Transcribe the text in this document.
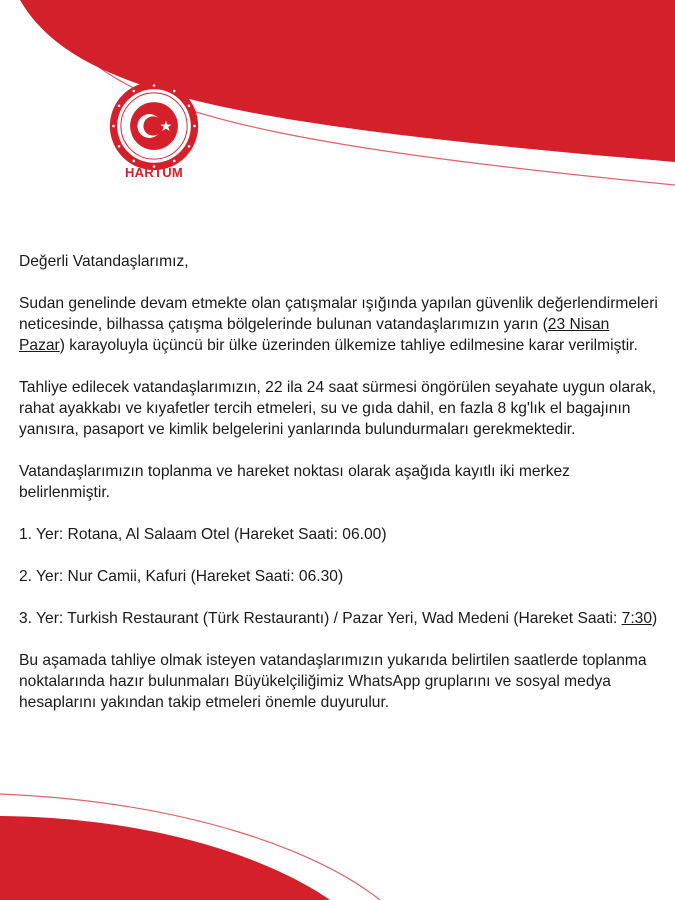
HARTUM

Değerli Vatandaşlarımız,

Sudan genelinde devam etmekte olan çatışmalar ışığında yapılan güvenlik değerlendirmeleri neticesinde, bilhassa çatışma bölgelerinde bulunan vatandaşlarımızın yarın (23 Nisan Pazar) karayoluyla üçüncü bir ülke üzerinden ülkemize tahliye edilmesine karar verilmiştir.

Tahliye edilecek vatandaşlarımızın, 22 ila 24 saat sürmesi öngörülen seyahate uygun olarak, rahat ayakkabı ve kıyafetler tercih etmeleri, su ve gıda dahil, en fazla 8 kg'lık el bagajının yanısıra, pasaport ve kimlik belgelerini yanlarında bulundurmaları gerekmektedir.

Vatandaşlarımızın toplanma ve hareket noktası olarak aşağıda kayıtlı iki merkez belirlenmiştir.

1. Yer: Rotana, Al Salaam Otel (Hareket Saati: 06.00)

2. Yer: Nur Camii, Kafuri (Hareket Saati: 06.30)

3. Yer: Turkish Restaurant (Türk Restaurantı) / Pazar Yeri, Wad Medeni (Hareket Saati: 7:30)

Bu aşamada tahliye olmak isteyen vatandaşlarımızın yukarıda belirtilen saatlerde toplanma noktalarında hazır bulunmaları Büyükelçiliğimiz WhatsApp gruplarını ve sosyal medya hesaplarını yakından takip etmeleri önemle duyurulur.
